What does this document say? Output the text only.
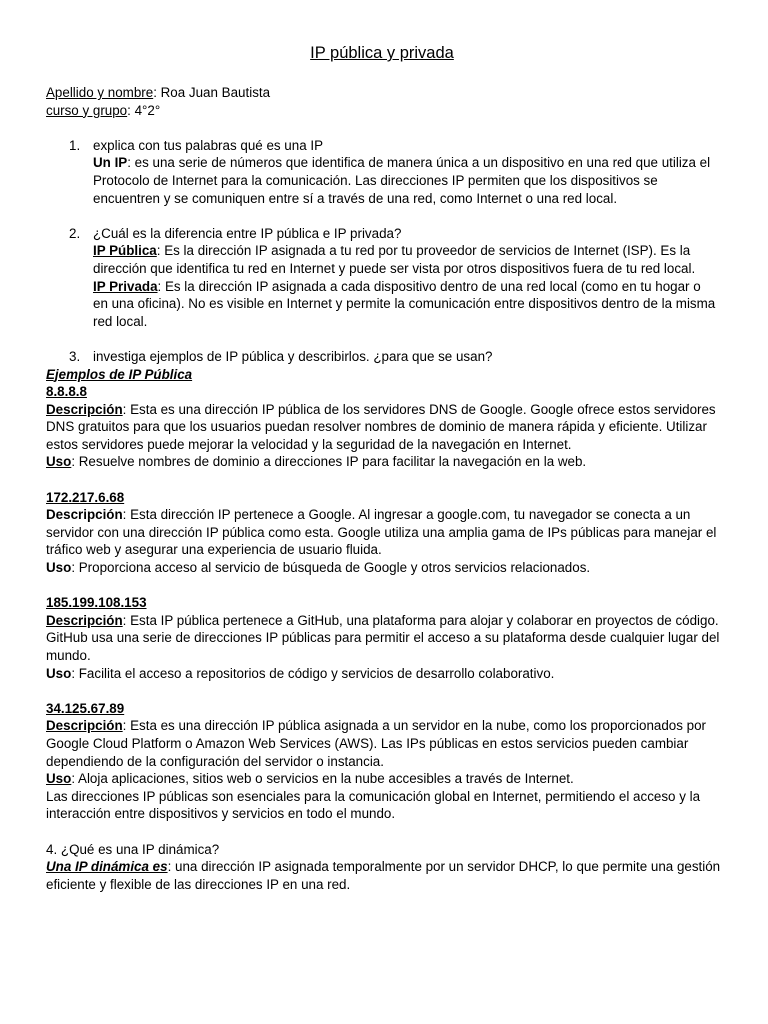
IP pública y privada

Apellido y nombre: Roa Juan Bautista

curso y grupo: 4°2°

1. explica con tus palabras qué es una IP

Un IP: es una serie de números que identifica de manera única a un dispositivo en una red que utiliza el Protocolo de Internet para la comunicación. Las direcciones IP permiten que los dispositivos se encuentren y se comuniquen entre sí a través de una red, como Internet o una red local.

2. ¿Cuál es la diferencia entre IP pública e IP privada?

IP Pública: Es la dirección IP asignada a tu red por tu proveedor de servicios de Internet (ISP). Es la dirección que identifica tu red en Internet y puede ser vista por otros dispositivos fuera de tu red local.

IP Privada: Es la dirección IP asignada a cada dispositivo dentro de una red local (como en tu hogar o en una oficina). No es visible en Internet y permite la comunicación entre dispositivos dentro de la misma red local.

3. investiga ejemplos de IP pública y describirlos. ¿para que se usan?

Ejemplos de IP Pública

8.8.8.8

Descripción: Esta es una dirección IP pública de los servidores DNS de Google. Google ofrece estos servidores DNS gratuitos para que los usuarios puedan resolver nombres de dominio de manera rápida y eficiente. Utilizar estos servidores puede mejorar la velocidad y la seguridad de la navegación en Internet.

Uso: Resuelve nombres de dominio a direcciones IP para facilitar la navegación en la web.

172.217.6.68

Descripción: Esta dirección IP pertenece a Google. Al ingresar a google.com, tu navegador se conecta a un servidor con una dirección IP pública como esta. Google utiliza una amplia gama de IPs públicas para manejar el tráfico web y asegurar una experiencia de usuario fluida.

Uso: Proporciona acceso al servicio de búsqueda de Google y otros servicios relacionados.

185.199.108.153

Descripción: Esta IP pública pertenece a GitHub, una plataforma para alojar y colaborar en proyectos de código. GitHub usa una serie de direcciones IP públicas para permitir el acceso a su plataforma desde cualquier lugar del mundo.

Uso: Facilita el acceso a repositorios de código y servicios de desarrollo colaborativo.

34.125.67.89

Descripción: Esta es una dirección IP pública asignada a un servidor en la nube, como los proporcionados por Google Cloud Platform o Amazon Web Services (AWS). Las IPs públicas en estos servicios pueden cambiar dependiendo de la configuración del servidor o instancia.

Uso: Aloja aplicaciones, sitios web o servicios en la nube accesibles a través de Internet.

Las direcciones IP públicas son esenciales para la comunicación global en Internet, permitiendo el acceso y la interacción entre dispositivos y servicios en todo el mundo.

4. ¿Qué es una IP dinámica?

Una IP dinámica es: una dirección IP asignada temporalmente por un servidor DHCP, lo que permite una gestión eficiente y flexible de las direcciones IP en una red.
